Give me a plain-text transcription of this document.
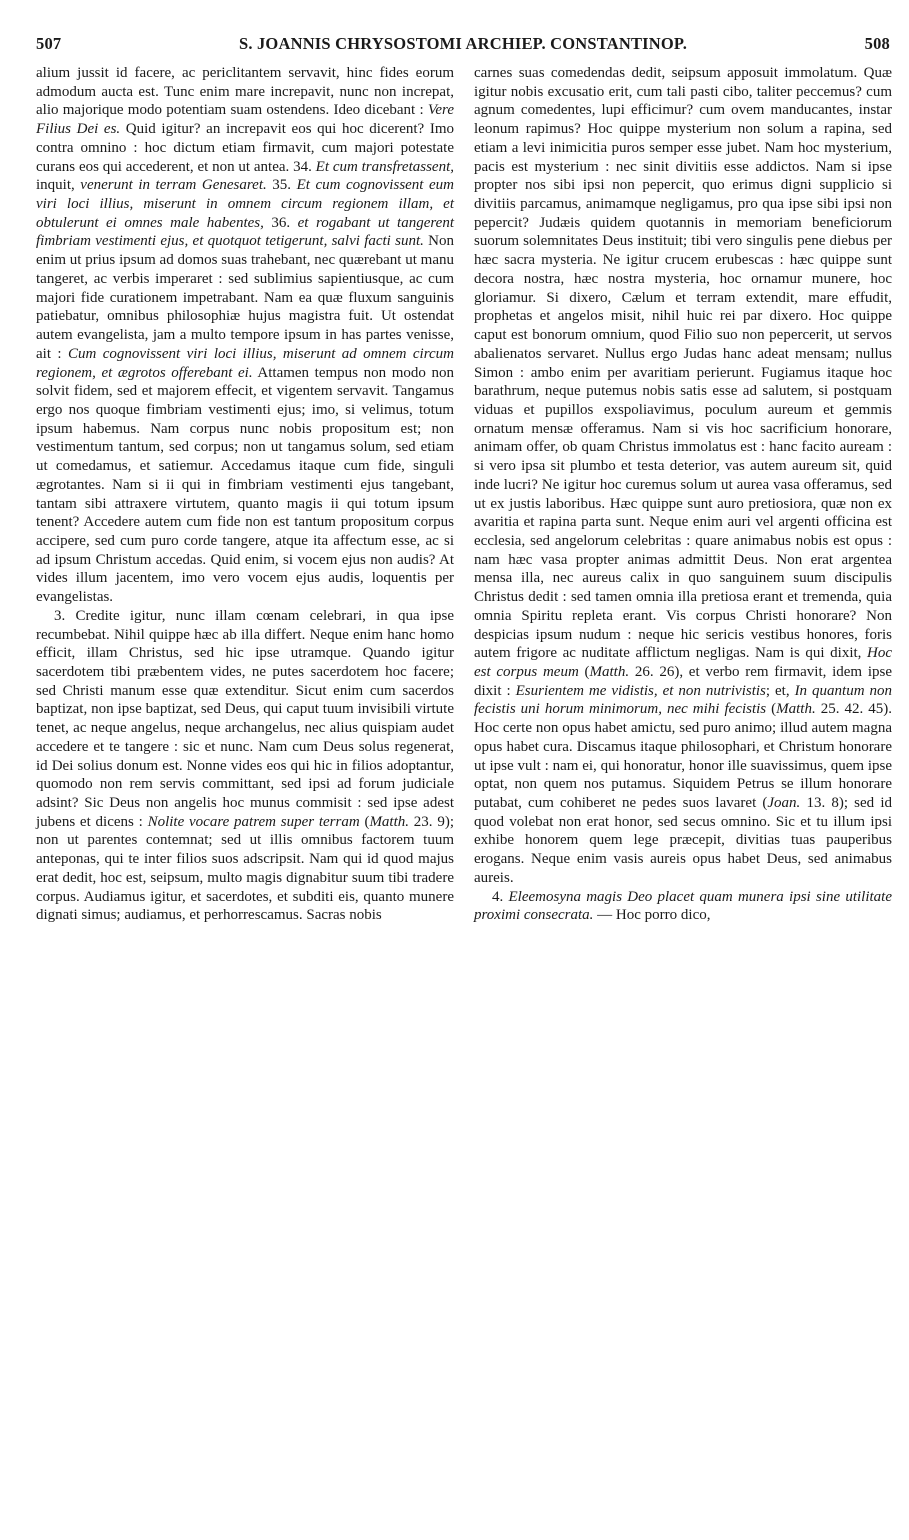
507	S. JOANNIS CHRYSOSTOMI ARCHIEP. CONSTANTINOP.	508

alium jussit id facere, ac periclitantem servavit, hinc fides eorum admodum aucta est. Tunc enim mare increpavit, nunc non increpat, alio majorique modo potentiam suam ostendens. Ideo dicebant : Vere Filius Dei es. Quid igitur? an increpavit eos qui hoc dicerent? Imo contra omnino : hoc dictum etiam firmavit, cum majori potestate curans eos qui accederent, et non ut antea. 34. Et cum transfretassent, inquit, venerunt in terram Genesaret. 35. Et cum cognovissent eum viri loci illius, miserunt in omnem circum regionem illam, et obtulerunt ei omnes male habentes, 36. et rogabant ut tangerent fimbriam vestimenti ejus, et quotquot tetigerunt, salvi facti sunt. Non enim ut prius ipsum ad domos suas trahebant, nec quærebant ut manu tangeret, ac verbis imperaret : sed sublimius sapientiusque, ac cum majori fide curationem impetrabant. Nam ea quæ fluxum sanguinis patiebatur, omnibus philosophiæ hujus magistra fuit. Ut ostendat autem evangelista, jam a multo tempore ipsum in has partes venisse, ait : Cum cognovissent viri loci illius, miserunt ad omnem circum regionem, et ægrotos offerebant ei. Attamen tempus non modo non solvit fidem, sed et majorem effecit, et vigentem servavit. Tangamus ergo nos quoque fimbriam vestimenti ejus; imo, si velimus, totum ipsum habemus. Nam corpus nunc nobis propositum est; non vestimentum tantum, sed corpus; non ut tangamus solum, sed etiam ut comedamus, et satiemur. Accedamus itaque cum fide, singuli ægrotantes. Nam si ii qui in fimbriam vestimenti ejus tangebant, tantam sibi attraxere virtutem, quanto magis ii qui totum ipsum tenent? Accedere autem cum fide non est tantum propositum corpus accipere, sed cum puro corde tangere, atque ita affectum esse, ac si ad ipsum Christum accedas. Quid enim, si vocem ejus non audis? At vides illum jacentem, imo vero vocem ejus audis, loquentis per evangelistas.

3. Credite igitur, nunc illam cœnam celebrari, in qua ipse recumbebat. Nihil quippe hæc ab illa differt. Neque enim hanc homo efficit, illam Christus, sed hic ipse utramque. Quando igitur sacerdotem tibi præbentem vides, ne putes sacerdotem hoc facere; sed Christi manum esse quæ extenditur. Sicut enim cum sacerdos baptizat, non ipse baptizat, sed Deus, qui caput tuum invisibili virtute tenet, ac neque angelus, neque archangelus, nec alius quispiam audet accedere et te tangere : sic et nunc. Nam cum Deus solus regenerat, id Dei solius donum est. Nonne vides eos qui hic in filios adoptantur, quomodo non rem servis committant, sed ipsi ad forum judiciale adsint? Sic Deus non angelis hoc munus commisit : sed ipse adest jubens et dicens : Nolite vocare patrem super terram (Matth. 23. 9); non ut parentes contemnat; sed ut illis omnibus factorem tuum anteponas, qui te inter filios suos adscripsit. Nam qui id quod majus erat dedit, hoc est, seipsum, multo magis dignabitur suum tibi tradere corpus. Audiamus igitur, et sacerdotes, et subditi eis, quanto munere dignati simus; audiamus, et perhorrescamus. Sacras nobis

carnes suas comedendas dedit, seipsum apposuit immolatum. Quæ igitur nobis excusatio erit, cum tali pasti cibo, taliter peccemus? cum agnum comedentes, lupi efficimur? cum ovem manducantes, instar leonum rapimus? Hoc quippe mysterium non solum a rapina, sed etiam a levi inimicitia puros semper esse jubet. Nam hoc mysterium, pacis est mysterium : nec sinit divitiis esse addictos. Nam si ipse propter nos sibi ipsi non pepercit, quo erimus digni supplicio si divitiis parcamus, animamque negligamus, pro qua ipse sibi ipsi non pepercit? Judæis quidem quotannis in memoriam beneficiorum suorum solemnitates Deus instituit; tibi vero singulis pene diebus per hæc sacra mysteria. Ne igitur crucem erubescas : hæc quippe sunt decora nostra, hæc nostra mysteria, hoc ornamur munere, hoc gloriamur. Si dixero, Cælum et terram extendit, mare effudit, prophetas et angelos misit, nihil huic rei par dixero. Hoc quippe caput est bonorum omnium, quod Filio suo non pepercerit, ut servos abalienatos servaret. Nullus ergo Judas hanc adeat mensam; nullus Simon : ambo enim per avaritiam perierunt. Fugiamus itaque hoc barathrum, neque putemus nobis satis esse ad salutem, si postquam viduas et pupillos exspoliavimus, poculum aureum et gemmis ornatum mensæ offeramus. Nam si vis hoc sacrificium honorare, animam offer, ob quam Christus immolatus est : hanc facito auream : si vero ipsa sit plumbo et testa deterior, vas autem aureum sit, quid inde lucri? Ne igitur hoc curemus solum ut aurea vasa offeramus, sed ut ex justis laboribus. Hæc quippe sunt auro pretiosiora, quæ non ex avaritia et rapina parta sunt. Neque enim auri vel argenti officina est ecclesia, sed angelorum celebritas : quare animabus nobis est opus : nam hæc vasa propter animas admittit Deus. Non erat argentea mensa illa, nec aureus calix in quo sanguinem suum discipulis Christus dedit : sed tamen omnia illa pretiosa erant et tremenda, quia omnia Spiritu repleta erant. Vis corpus Christi honorare? Non despicias ipsum nudum : neque hic sericis vestibus honores, foris autem frigore ac nuditate afflictum negligas. Nam is qui dixit, Hoc est corpus meum (Matth. 26. 26), et verbo rem firmavit, idem ipse dixit : Esurientem me vidistis, et non nutrivistis; et, In quantum non fecistis uni horum minimorum, nec mihi fecistis (Matth. 25. 42. 45). Hoc certe non opus habet amictu, sed puro animo; illud autem magna opus habet cura. Discamus itaque philosophari, et Christum honorare ut ipse vult : nam ei, qui honoratur, honor ille suavissimus, quem ipse optat, non quem nos putamus. Siquidem Petrus se illum honorare putabat, cum cohiberet ne pedes suos lavaret (Joan. 13. 8); sed id quod volebat non erat honor, sed secus omnino. Sic et tu illum ipsi exhibe honorem quem lege præcepit, divitias tuas pauperibus erogans. Neque enim vasis aureis opus habet Deus, sed animabus aureis.

4. Eleemosyna magis Deo placet quam munera ipsi sine utilitate proximi consecrata. — Hoc porro dico,
